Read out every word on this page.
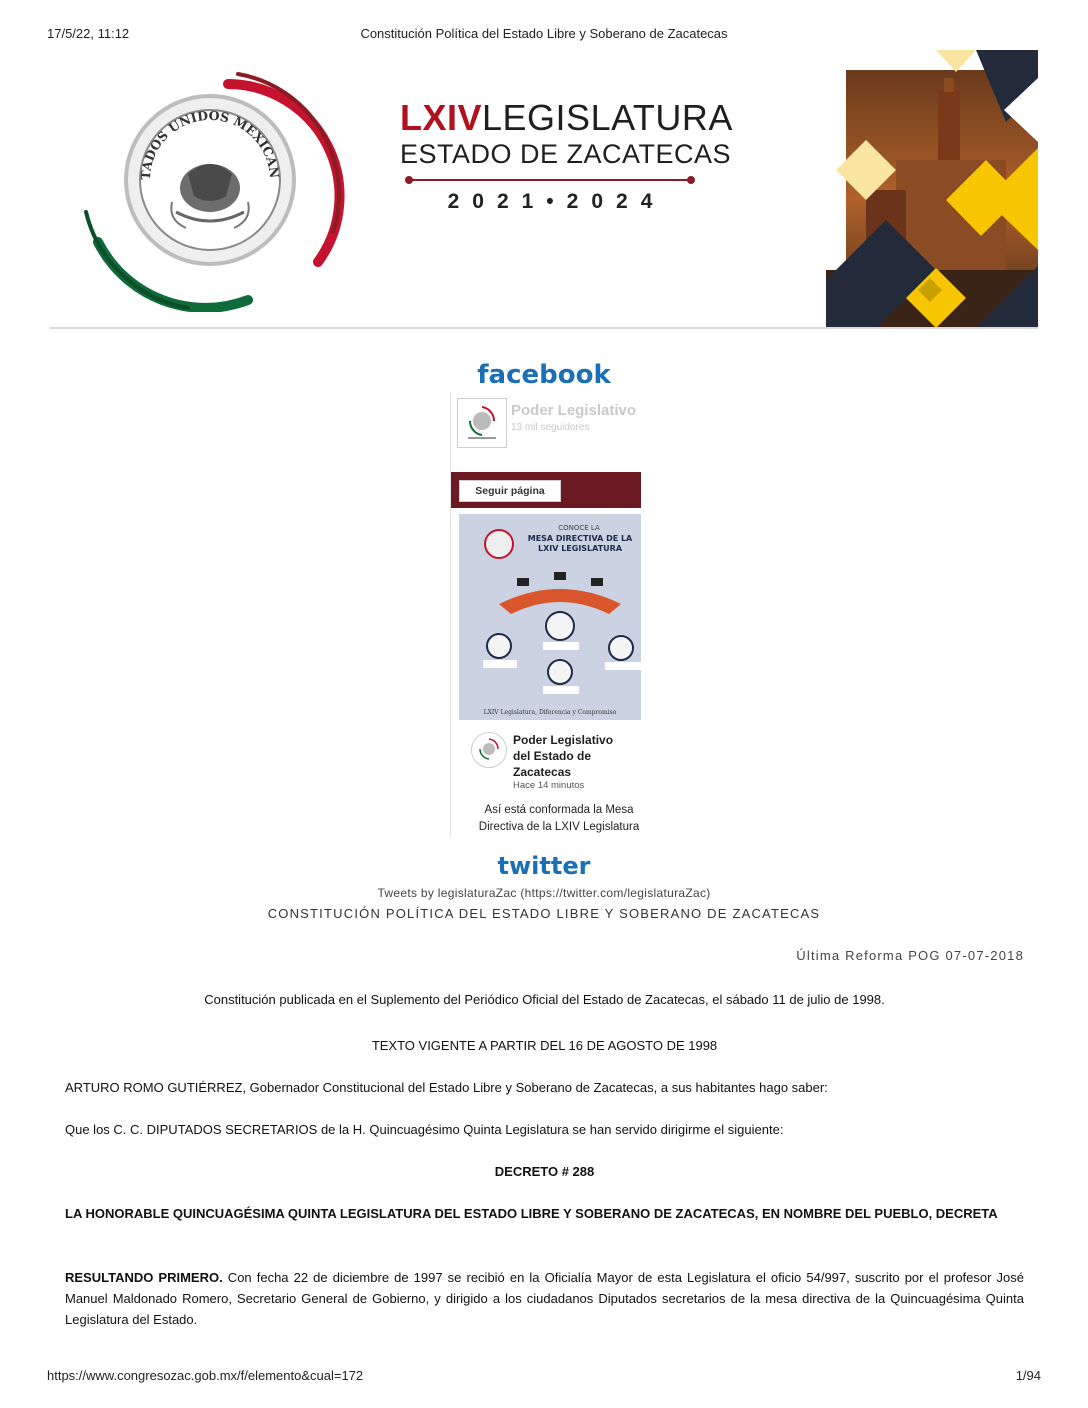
17/5/22, 11:12	Constitución Política del Estado Libre y Soberano de Zacatecas
TADOS UNIDOS MEXICAN
LXIVLEGISLATURA
ESTADO DE ZACATECAS
2021•2024
facebook
Poder Legislativo
13 mil seguidores
Seguir página
CONOCE LA
MESA DIRECTIVA DE LA LXIV LEGISLATURA
LXIV Legislatura, Diferencia y Compromiso
Poder Legislativo del Estado de Zacatecas
Hace 14 minutos
Así está conformada la Mesa
Directiva de la LXIV Legislatura
twitter
Tweets by legislaturaZac (https://twitter.com/legislaturaZac)
CONSTITUCIÓN POLÍTICA DEL ESTADO LIBRE Y SOBERANO DE ZACATECAS
Última Reforma POG 07-07-2018
Constitución publicada en el Suplemento del Periódico Oficial del Estado de Zacatecas, el sábado 11 de julio de 1998.
TEXTO VIGENTE A PARTIR DEL 16 DE AGOSTO DE 1998
ARTURO ROMO GUTIÉRREZ, Gobernador Constitucional del Estado Libre y Soberano de Zacatecas, a sus habitantes hago saber:
Que los C. C. DIPUTADOS SECRETARIOS de la H. Quincuagésimo Quinta Legislatura se han servido dirigirme el siguiente:
DECRETO # 288
LA HONORABLE QUINCUAGÉSIMA QUINTA LEGISLATURA DEL ESTADO LIBRE Y SOBERANO DE ZACATECAS, EN NOMBRE DEL PUEBLO, DECRETA
RESULTANDO PRIMERO. Con fecha 22 de diciembre de 1997 se recibió en la Oficialía Mayor de esta Legislatura el oficio 54/997, suscrito por el profesor José Manuel Maldonado Romero, Secretario General de Gobierno, y dirigido a los ciudadanos Diputados secretarios de la mesa directiva de la Quincuagésima Quinta Legislatura del Estado.
https://www.congresozac.gob.mx/f/elemento&cual=172	1/94
